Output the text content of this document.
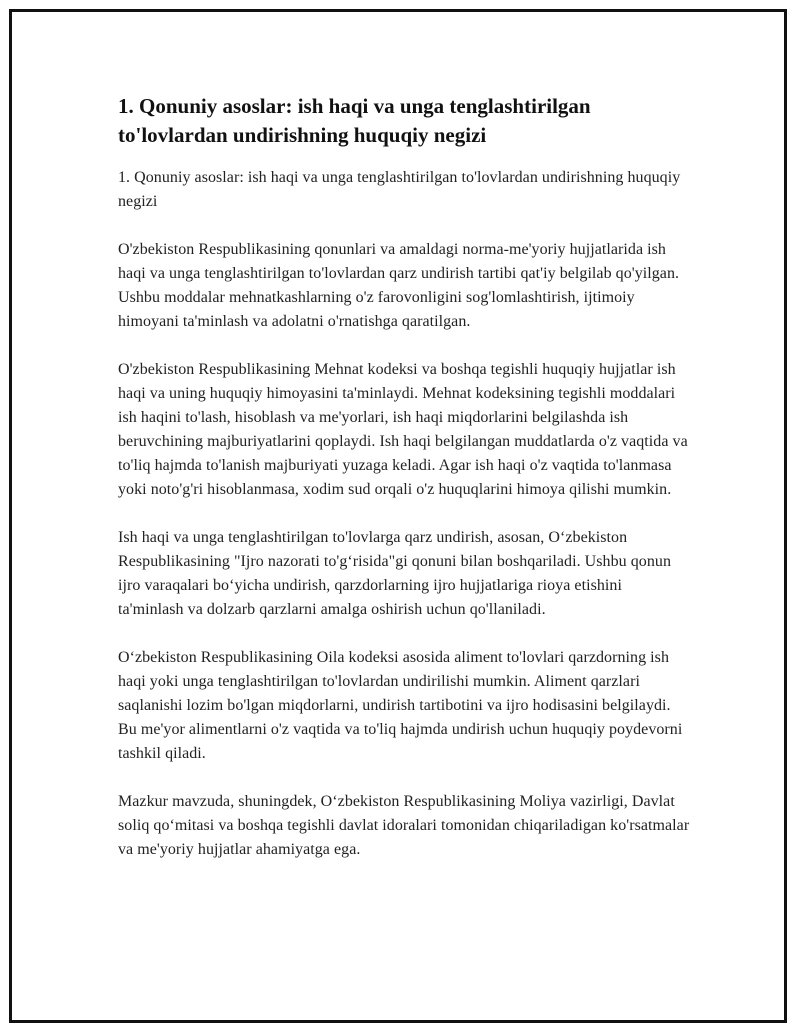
1. Qonuniy asoslar: ish haqi va unga tenglashtirilgan to'lovlardan undirishning huquqiy negizi

1. Qonuniy asoslar: ish haqi va unga tenglashtirilgan to'lovlardan undirishning huquqiy negizi

O'zbekiston Respublikasining qonunlari va amaldagi norma-me'yoriy hujjatlarida ish haqi va unga tenglashtirilgan to'lovlardan qarz undirish tartibi qat'iy belgilab qo'yilgan. Ushbu moddalar mehnatkashlarning o'z farovonligini sog'lomlashtirish, ijtimoiy himoyani ta'minlash va adolatni o'rnatishga qaratilgan.

O'zbekiston Respublikasining Mehnat kodeksi va boshqa tegishli huquqiy hujjatlar ish haqi va uning huquqiy himoyasini ta'minlaydi. Mehnat kodeksining tegishli moddalari ish haqini to'lash, hisoblash va me'yorlari, ish haqi miqdorlarini belgilashda ish beruvchining majburiyatlarini qoplaydi. Ish haqi belgilangan muddatlarda o'z vaqtida va to'liq hajmda to'lanish majburiyati yuzaga keladi. Agar ish haqi o'z vaqtida to'lanmasa yoki noto'g'ri hisoblanmasa, xodim sud orqali o'z huquqlarini himoya qilishi mumkin.

Ish haqi va unga tenglashtirilgan to'lovlarga qarz undirish, asosan, O‘zbekiston Respublikasining "Ijro nazorati to'g‘risida"gi qonuni bilan boshqariladi. Ushbu qonun ijro varaqalari bo‘yicha undirish, qarzdorlarning ijro hujjatlariga rioya etishini ta'minlash va dolzarb qarzlarni amalga oshirish uchun qo'llaniladi.

O‘zbekiston Respublikasining Oila kodeksi asosida aliment to'lovlari qarzdorning ish haqi yoki unga tenglashtirilgan to'lovlardan undirilishi mumkin. Aliment qarzlari saqlanishi lozim bo'lgan miqdorlarni, undirish tartibotini va ijro hodisasini belgilaydi. Bu me'yor alimentlarni o'z vaqtida va to'liq hajmda undirish uchun huquqiy poydevorni tashkil qiladi.

Mazkur mavzuda, shuningdek, O‘zbekiston Respublikasining Moliya vazirligi, Davlat soliq qo‘mitasi va boshqa tegishli davlat idoralari tomonidan chiqariladigan ko'rsatmalar va me'yoriy hujjatlar ahamiyatga ega.
